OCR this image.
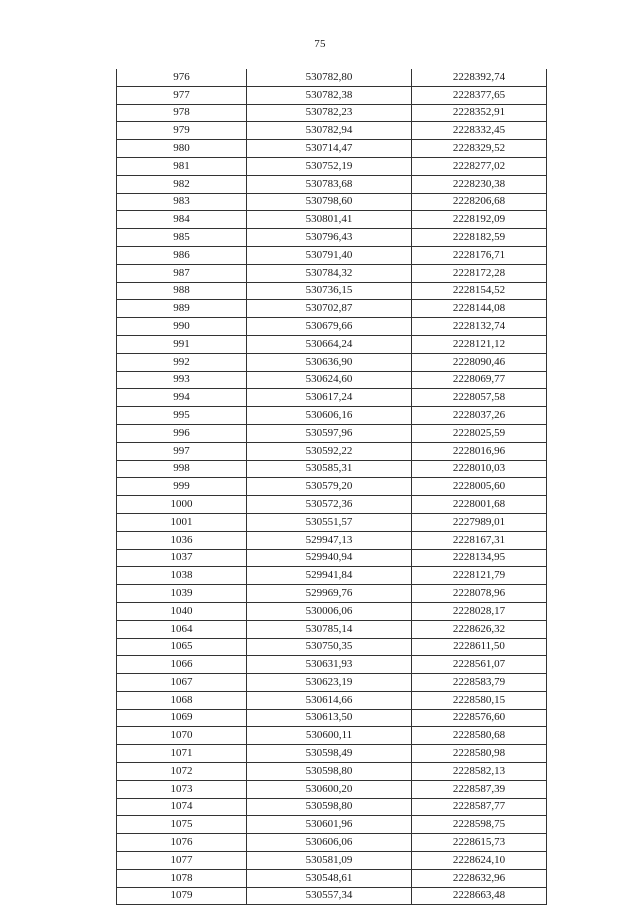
75
976	530782,80	2228392,74
977	530782,38	2228377,65
978	530782,23	2228352,91
979	530782,94	2228332,45
980	530714,47	2228329,52
981	530752,19	2228277,02
982	530783,68	2228230,38
983	530798,60	2228206,68
984	530801,41	2228192,09
985	530796,43	2228182,59
986	530791,40	2228176,71
987	530784,32	2228172,28
988	530736,15	2228154,52
989	530702,87	2228144,08
990	530679,66	2228132,74
991	530664,24	2228121,12
992	530636,90	2228090,46
993	530624,60	2228069,77
994	530617,24	2228057,58
995	530606,16	2228037,26
996	530597,96	2228025,59
997	530592,22	2228016,96
998	530585,31	2228010,03
999	530579,20	2228005,60
1000	530572,36	2228001,68
1001	530551,57	2227989,01
1036	529947,13	2228167,31
1037	529940,94	2228134,95
1038	529941,84	2228121,79
1039	529969,76	2228078,96
1040	530006,06	2228028,17
1064	530785,14	2228626,32
1065	530750,35	2228611,50
1066	530631,93	2228561,07
1067	530623,19	2228583,79
1068	530614,66	2228580,15
1069	530613,50	2228576,60
1070	530600,11	2228580,68
1071	530598,49	2228580,98
1072	530598,80	2228582,13
1073	530600,20	2228587,39
1074	530598,80	2228587,77
1075	530601,96	2228598,75
1076	530606,06	2228615,73
1077	530581,09	2228624,10
1078	530548,61	2228632,96
1079	530557,34	2228663,48
